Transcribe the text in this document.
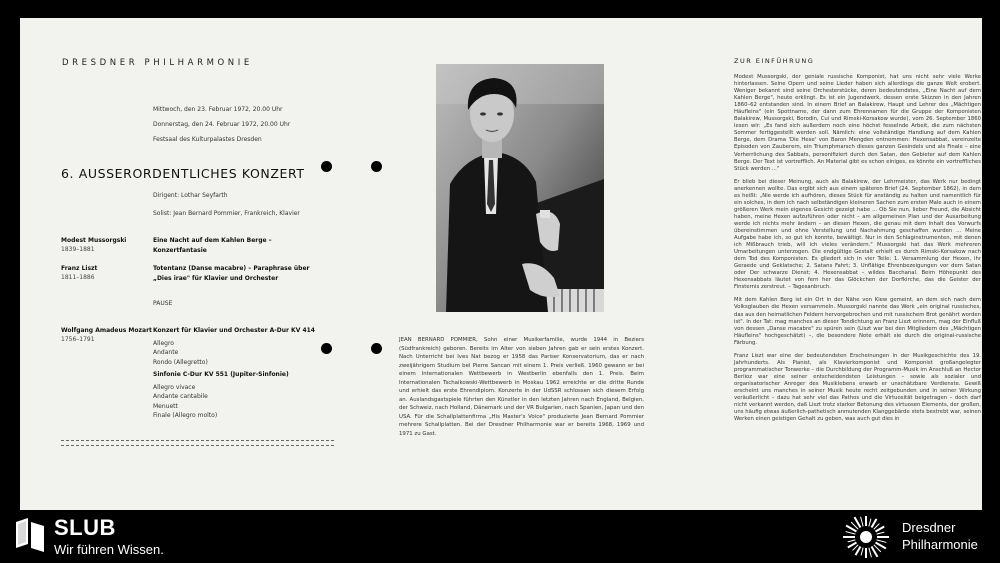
DRESDNER PHILHARMONIE
Mittwoch, den 23. Februar 1972, 20.00 Uhr
Donnerstag, den 24. Februar 1972, 20.00 Uhr
Festsaal des Kulturpalastes Dresden
6. AUSSERORDENTLICHES KONZERT
Dirigent: Lothar Seyfarth
Solist: Jean Bernard Pommier, Frankreich, Klavier
Modest Mussorgski
1839–1881
Eine Nacht auf dem Kahlen Berge –
Konzertfantasie
Franz Liszt
1811–1886
Totentanz (Danse macabre) – Paraphrase über
„Dies irae" für Klavier und Orchester
PAUSE
Wolfgang Amadeus Mozart
1756–1791
Konzert für Klavier und Orchester A-Dur KV 414
Allegro
Andante
Rondo (Allegretto)
Sinfonie C-Dur KV 551 (Jupiter-Sinfonie)
Allegro vivace
Andante cantabile
Menuett
Finale (Allegro molto)
JEAN BERNARD POMMIER, Sohn einer Musikerfamilie, wurde 1944 in Beziers (Südfrankreich) geboren. Bereits im Alter von sieben Jahren gab er sein erstes Konzert. Nach Unterricht bei Ives Nat bezog er 1958 das Pariser Konservatorium, das er nach zweijährigem Studium bei Pierre Sancan mit einem 1. Preis verließ. 1960 gewann er bei einem Internationalen Wettbewerb in Westberlin ebenfalls den 1. Preis. Beim Internationalen Tschaikowski-Wettbewerb in Moskau 1962 erreichte er die dritte Runde und erhielt das erste Ehrendiplom. Konzerte in der UdSSR schlossen sich diesem Erfolg an. Auslandsgastspiele führten den Künstler in den letzten Jahren nach England, Belgien, der Schweiz, nach Holland, Dänemark und der VR Bulgarien, nach Spanien, Japan und den USA. Für die Schallplattenfirma „His Master's Voice" produzierte Jean Bernard Pommier mehrere Schallplatten. Bei der Dresdner Philharmonie war er bereits 1968, 1969 und 1971 zu Gast.
ZUR EINFÜHRUNG

Modest Mussorgski, der geniale russische Komponist, hat uns nicht sehr viele Werke hinterlassen. Seine Opern und seine Lieder haben sich allerdings die ganze Welt erobert. Weniger bekannt sind seine Orchesterstücke, deren bedeutendstes, „Eine Nacht auf dem Kahlen Berge", heute erklingt. Es ist ein Jugendwerk, dessen erste Skizzen in den Jahren 1860–62 entstanden sind. In einem Brief an Balakirew, Haupt und Lehrer des „Mächtigen Häufleins" (ein Spottname, der dann zum Ehrennamen für die Gruppe der Komponisten Balakirew, Mussorgski, Borodin, Cui und Rimski-Korsakow wurde), vom 26. September 1860 lesen wir: „Es fand sich außerdem noch eine höchst fesselnde Arbeit, die zum nächsten Sommer fertiggestellt werden soll. Nämlich: eine vollständige Handlung auf dem Kahlen Berge, dem Drama 'Die Hexe' von Baron Mengden entnommen: Hexensabbat, vereinzelte Episoden von Zauberern, ein Triumphmarsch dieses ganzen Gesindels und als Finale – eine Verherrlichung des Sabbats, personifiziert durch den Satan, den Gebieter auf dem Kahlen Berge. Der Text ist vortrefflich. An Material gibt es schon einiges, es könnte ein vortreffliches Stück werden ..."

Er blieb bei dieser Meinung, auch als Balakirew, der Lehrmeister, das Werk nur bedingt anerkennen wollte. Das ergibt sich aus einem späteren Brief (24. September 1862), in dem es heißt: „Nie werde ich aufhören, dieses Stück für anständig zu halten und namentlich für ein solches, in dem ich nach selbständigen kleineren Sachen zum ersten Male auch in einem größeren Werk mein eigenes Gesicht gezeigt habe ... Ob Sie nun, lieber Freund, die Absicht haben, meine Hexen aufzuführen oder nicht – am allgemeinen Plan und der Ausarbeitung werde ich nichts mehr ändern – an diesen Hexen, die genau mit dem Inhalt des Vorwurfs übereinstimmen und ohne Verstellung und Nachahmung geschaffen wurden ... Meine Aufgabe habe ich, so gut ich konnte, bewältigt. Nur in den Schlaginstrumenten, mit denen ich Mißbrauch trieb, will ich vieles verändern." Mussorgski hat das Werk mehreren Umarbeitungen unterzogen. Die endgültige Gestalt erhielt es durch Rimski-Korsakow nach dem Tod des Komponisten. Es gliedert sich in vier Teile: 1. Versammlung der Hexen, ihr Geraede und Geklatsche; 2. Satans Fahrt; 3. Unflätige Ehrenbezeigungen vor dem Satan oder Der schwarze Dienst; 4. Hexensabbat – wildes Bacchanal. Beim Höhepunkt des Hexensabbats läutet von fern her das Glöckchen der Dorfkirche, das die Geister der Finsternis zerstreut. – Tagesanbruch.

Mit dem Kahlen Berg ist ein Ort in der Nähe von Kiew gemeint, an dem sich nach dem Volksglauben die Hexen versammeln. Mussorgski nannte das Werk „ein original russisches, das aus den heimatlichen Feldern hervorgebrochen und mit russischem Brot genährt worden ist". In der Tat: mag manches an dieser Tondichtung an Franz Liszt erinnern, mag der Einfluß von dessen „Danse macabre" zu spüren sein (Liszt war bei den Mitgliedern des „Mächtigen Häufleins" hochgeschätzt) –, die besondere Note erhält sie durch die original-russische Färbung.

Franz Liszt war eine der bedeutendsten Erscheinungen in der Musikgeschichte des 19. Jahrhunderts. Als Pianist, als Klavierkomponist und Komponist großangelegter programmatischer Tonwerke – die Durchbildung der Programm-Musik im Anschluß an Hector Berlioz war eine seiner entscheidendsten Leistungen – sowie als sozialer und organisatorischer Anreger des Musiklebens erwarb er unschätzbare Verdienste. Gewiß erscheint uns manches in seiner Musik heute recht zeitgebunden und in seiner Wirkung veräußerlicht – dazu hat sehr viel das Pathos und die Virtuosität beigetragen – doch darf nicht verkannt werden, daß Liszt trotz starker Betonung des virtuosen Elements, der großen, uns häufig etwas äußerlich-pathetisch anmutenden Klanggebärde stets bestrebt war, seinen Werken einen geistigen Gehalt zu geben, was auch gut dies in

SLUB
Wir führen Wissen.
Dresdner
Philharmonie
